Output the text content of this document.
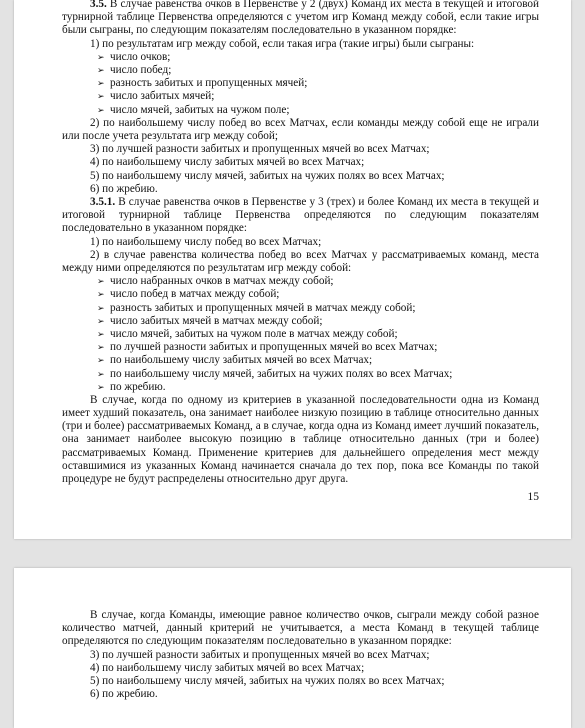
3.5. В случае равенства очков в Первенстве у 2 (двух) Команд их места в текущей и итоговой турнирной таблице Первенства определяются с учетом игр Команд между собой, если такие игры были сыграны, по следующим показателям последовательно в указанном порядке:

1) по результатам игр между собой, если такая игра (такие игры) были сыграны:

➢ число очков;
➢ число побед;
➢ разность забитых и пропущенных мячей;
➢ число забитых мячей;
➢ число мячей, забитых на чужом поле;

2) по наибольшему числу побед во всех Матчах, если команды между собой еще не играли или после учета результата игр между собой;

3) по лучшей разности забитых и пропущенных мячей во всех Матчах;

4) по наибольшему числу забитых мячей во всех Матчах;

5) по наибольшему числу мячей, забитых на чужих полях во всех Матчах;

6) по жребию.

3.5.1. В случае равенства очков в Первенстве у 3 (трех) и более Команд их места в текущей и итоговой турнирной таблице Первенства определяются по следующим показателям последовательно в указанном порядке:

1) по наибольшему числу побед во всех Матчах;

2) в случае равенства количества побед во всех Матчах у рассматриваемых команд, места между ними определяются по результатам игр между собой:

➢ число набранных очков в матчах между собой;
➢ число побед в матчах между собой;
➢ разность забитых и пропущенных мячей в матчах между собой;
➢ число забитых мячей в матчах между собой;
➢ число мячей, забитых на чужом поле в матчах между собой;
➢ по лучшей разности забитых и пропущенных мячей во всех Матчах;
➢ по наибольшему числу забитых мячей во всех Матчах;
➢ по наибольшему числу мячей, забитых на чужих полях во всех Матчах;
➢ по жребию.

В случае, когда по одному из критериев в указанной последовательности одна из Команд имеет худший показатель, она занимает наиболее низкую позицию в таблице относительно данных (три и более) рассматриваемых Команд, а в случае, когда одна из Команд имеет лучший показатель, она занимает наиболее высокую позицию в таблице относительно данных (три и более) рассматриваемых Команд. Применение критериев для дальнейшего определения мест между оставшимися из указанных Команд начинается сначала до тех пор, пока все Команды по такой процедуре не будут распределены относительно друг друга.

15

В случае, когда Команды, имеющие равное количество очков, сыграли между собой разное количество матчей, данный критерий не учитывается, а места Команд в текущей таблице определяются по следующим показателям последовательно в указанном порядке:

3) по лучшей разности забитых и пропущенных мячей во всех Матчах;

4) по наибольшему числу забитых мячей во всех Матчах;

5) по наибольшему числу мячей, забитых на чужих полях во всех Матчах;

6) по жребию.
